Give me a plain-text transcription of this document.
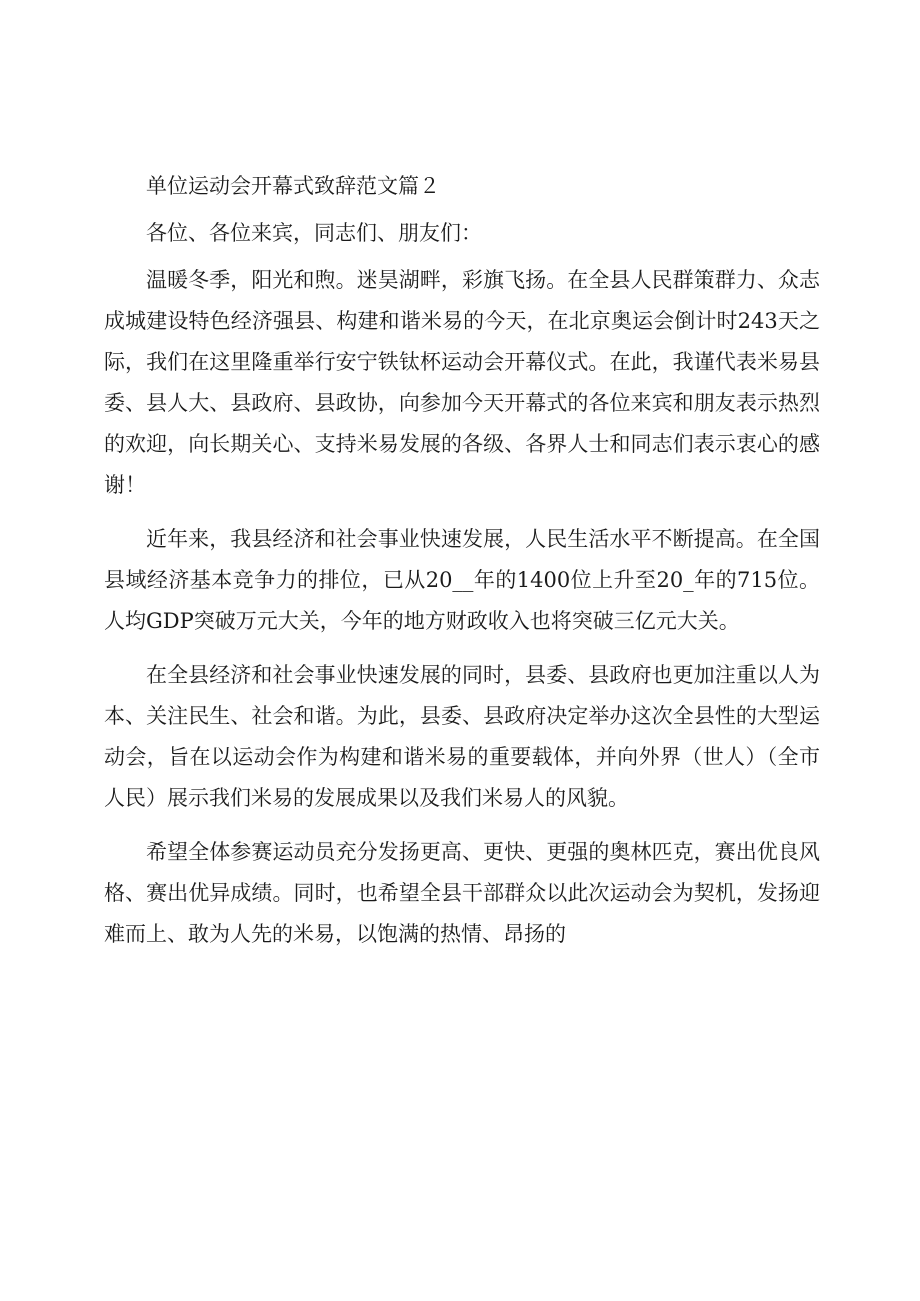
单位运动会开幕式致辞范文篇２

各位、各位来宾，同志们、朋友们：

温暖冬季，阳光和煦。迷昊湖畔，彩旗飞扬。在全县人民群策群力、众志成城建设特色经济强县、构建和谐米易的今天，在北京奥运会倒计时243天之际，我们在这里隆重举行安宁铁钛杯运动会开幕仪式。在此，我谨代表米易县委、县人大、县政府、县政协，向参加今天开幕式的各位来宾和朋友表示热烈的欢迎，向长期关心、支持米易发展的各级、各界人士和同志们表示衷心的感谢！

近年来，我县经济和社会事业快速发展，人民生活水平不断提高。在全国县域经济基本竞争力的排位，已从20__年的1400位上升至20_年的715位。人均GDP突破万元大关，今年的地方财政收入也将突破三亿元大关。

在全县经济和社会事业快速发展的同时，县委、县政府也更加注重以人为本、关注民生、社会和谐。为此，县委、县政府决定举办这次全县性的大型运动会，旨在以运动会作为构建和谐米易的重要载体，并向外界（世人）（全市人民）展示我们米易的发展成果以及我们米易人的风貌。

希望全体参赛运动员充分发扬更高、更快、更强的奥林匹克，赛出优良风格、赛出优异成绩。同时，也希望全县干部群众以此次运动会为契机，发扬迎难而上、敢为人先的米易，以饱满的热情、昂扬的
